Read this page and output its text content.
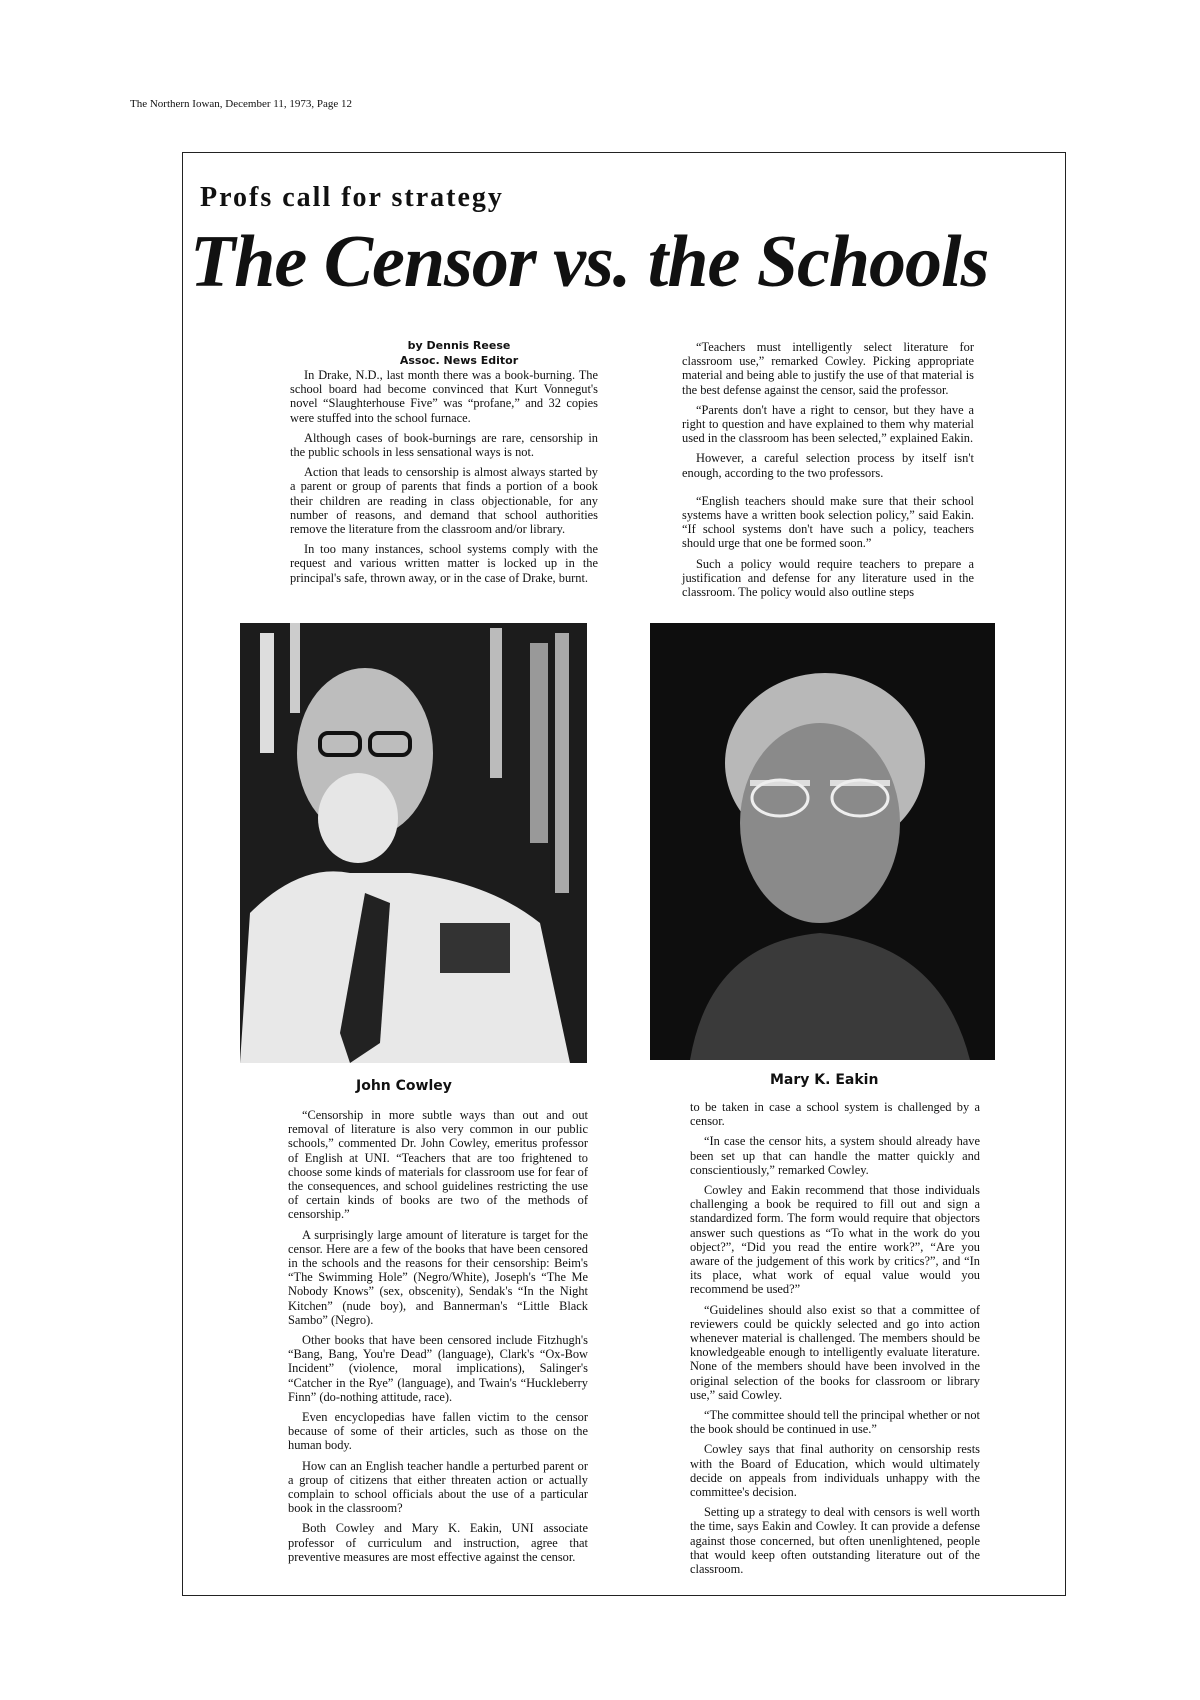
The Northern Iowan, December 11, 1973, Page 12
Profs call for strategy
The Censor vs. the Schools
by Dennis Reese
Assoc. News Editor

In Drake, N.D., last month there was a book-burning. The school board had become convinced that Kurt Vonnegut's novel “Slaughterhouse Five” was “profane,” and 32 copies were stuffed into the school furnace.

Although cases of book-burnings are rare, censorship in the public schools in less sensational ways is not.

Action that leads to censorship is almost always started by a parent or group of parents that finds a portion of a book their children are reading in class objectionable, for any number of reasons, and demand that school authorities remove the literature from the classroom and/or library.

In too many instances, school systems comply with the request and various written matter is locked up in the principal's safe, thrown away, or in the case of Drake, burnt.

“Teachers must intelligently select literature for classroom use,” remarked Cowley. Picking appropriate material and being able to justify the use of that material is the best defense against the censor, said the professor.

“Parents don't have a right to censor, but they have a right to question and have explained to them why material used in the classroom has been selected,” explained Eakin.

However, a careful selection process by itself isn't enough, according to the two professors.

“English teachers should make sure that their school systems have a written book selection policy,” said Eakin. “If school systems don't have such a policy, teachers should urge that one be formed soon.”

Such a policy would require teachers to prepare a justification and defense for any literature used in the classroom. The policy would also outline steps

John Cowley	Mary K. Eakin

“Censorship in more subtle ways than out and out removal of literature is also very common in our public schools,” commented Dr. John Cowley, emeritus professor of English at UNI. “Teachers that are too frightened to choose some kinds of materials for classroom use for fear of the consequences, and school guidelines restricting the use of certain kinds of books are two of the methods of censorship.”

A surprisingly large amount of literature is target for the censor. Here are a few of the books that have been censored in the schools and the reasons for their censorship: Beim's “The Swimming Hole” (Negro/White), Joseph's “The Me Nobody Knows” (sex, obscenity), Sendak's “In the Night Kitchen” (nude boy), and Bannerman's “Little Black Sambo” (Negro).

Other books that have been censored include Fitzhugh's “Bang, Bang, You're Dead” (language), Clark's “Ox-Bow Incident” (violence, moral implications), Salinger's “Catcher in the Rye” (language), and Twain's “Huckleberry Finn” (do-nothing attitude, race).

Even encyclopedias have fallen victim to the censor because of some of their articles, such as those on the human body.

How can an English teacher handle a perturbed parent or a group of citizens that either threaten action or actually complain to school officials about the use of a particular book in the classroom?

Both Cowley and Mary K. Eakin, UNI associate professor of curriculum and instruction, agree that preventive measures are most effective against the censor.

to be taken in case a school system is challenged by a censor.

“In case the censor hits, a system should already have been set up that can handle the matter quickly and conscientiously,” remarked Cowley.

Cowley and Eakin recommend that those individuals challenging a book be required to fill out and sign a standardized form. The form would require that objectors answer such questions as “To what in the work do you object?”, “Did you read the entire work?”, “Are you aware of the judgement of this work by critics?”, and “In its place, what work of equal value would you recommend be used?”

“Guidelines should also exist so that a committee of reviewers could be quickly selected and go into action whenever material is challenged. The members should be knowledgeable enough to intelligently evaluate literature. None of the members should have been involved in the original selection of the books for classroom or library use,” said Cowley.

“The committee should tell the principal whether or not the book should be continued in use.”

Cowley says that final authority on censorship rests with the Board of Education, which would ultimately decide on appeals from individuals unhappy with the committee's decision.

Setting up a strategy to deal with censors is well worth the time, says Eakin and Cowley. It can provide a defense against those concerned, but often unenlightened, people that would keep often outstanding literature out of the classroom.
